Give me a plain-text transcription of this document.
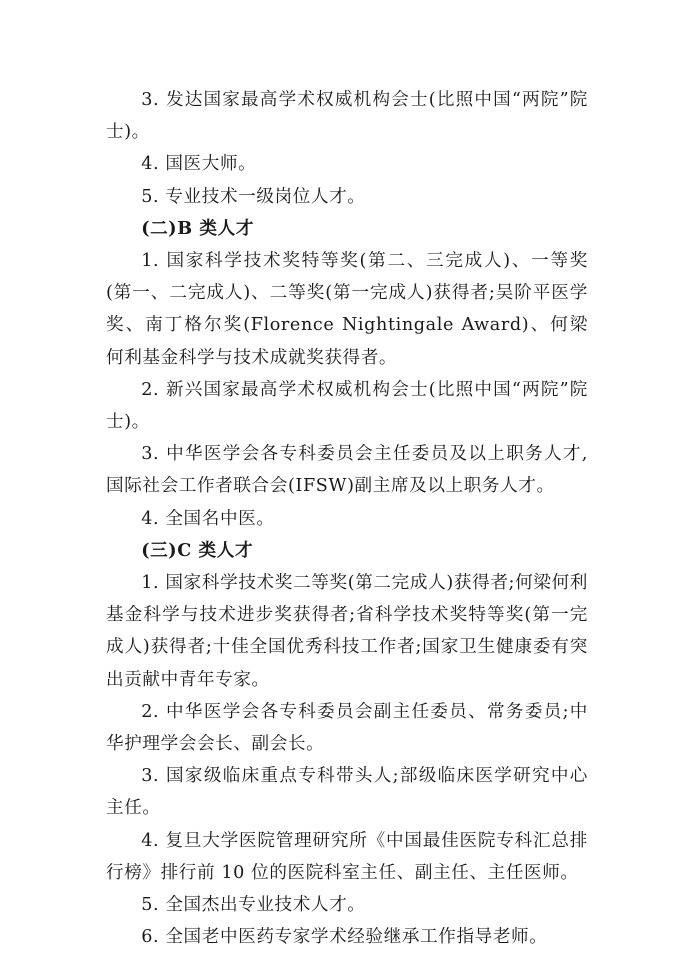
3. 发达国家最高学术权威机构会士(比照中国“两院”院士)。

4. 国医大师。

5. 专业技术一级岗位人才。

(二)B 类人才

1. 国家科学技术奖特等奖(第二、三完成人)、一等奖(第一、二完成人)、二等奖(第一完成人)获得者;吴阶平医学奖、南丁格尔奖(Florence Nightingale Award)、何梁何利基金科学与技术成就奖获得者。

2. 新兴国家最高学术权威机构会士(比照中国“两院”院士)。

3. 中华医学会各专科委员会主任委员及以上职务人才,国际社会工作者联合会(IFSW)副主席及以上职务人才。

4. 全国名中医。

(三)C 类人才

1. 国家科学技术奖二等奖(第二完成人)获得者;何梁何利基金科学与技术进步奖获得者;省科学技术奖特等奖(第一完成人)获得者;十佳全国优秀科技工作者;国家卫生健康委有突出贡献中青年专家。

2. 中华医学会各专科委员会副主任委员、常务委员;中华护理学会会长、副会长。

3. 国家级临床重点专科带头人;部级临床医学研究中心主任。

4. 复旦大学医院管理研究所《中国最佳医院专科汇总排行榜》排行前 10 位的医院科室主任、副主任、主任医师。

5. 全国杰出专业技术人才。

6. 全国老中医药专家学术经验继承工作指导老师。
